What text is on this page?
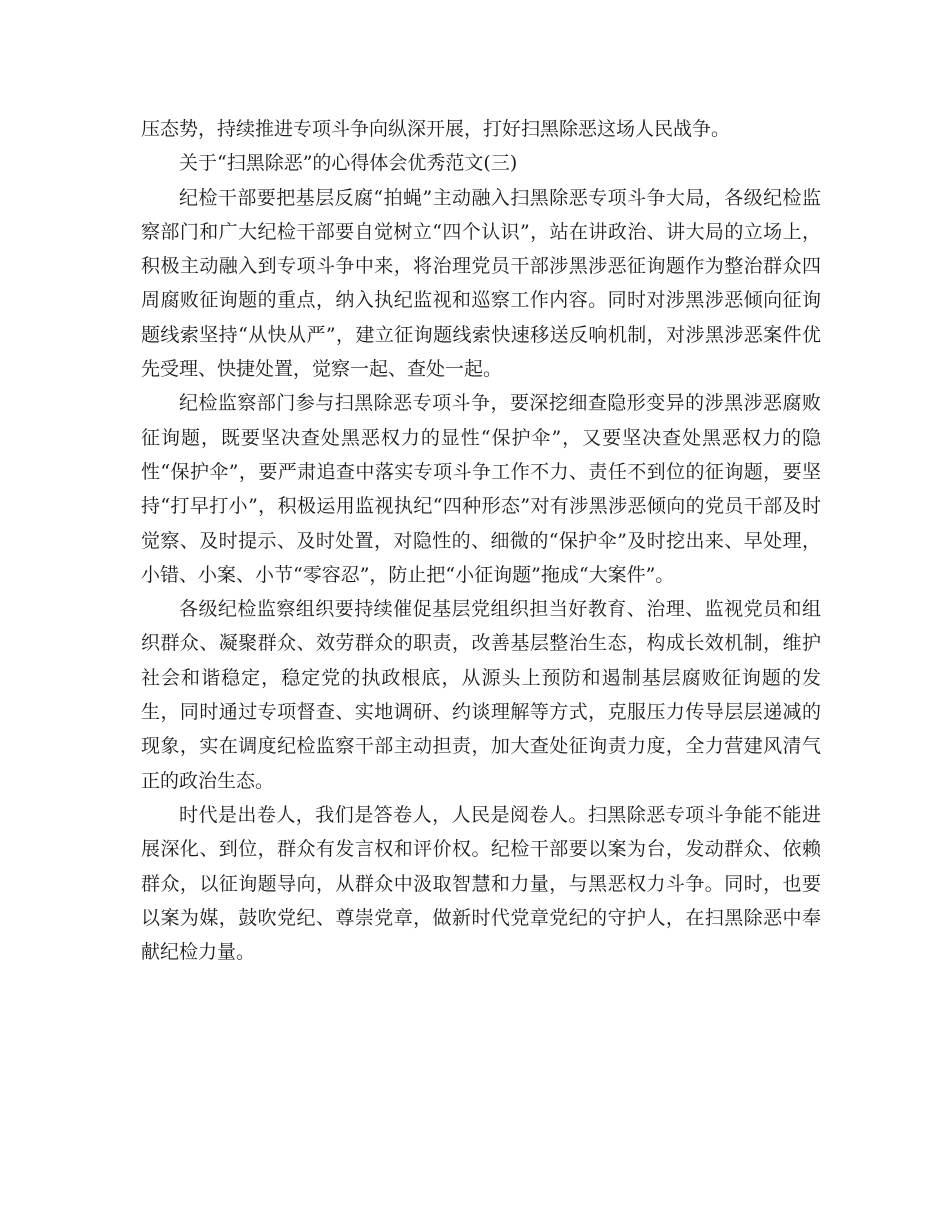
压态势，持续推进专项斗争向纵深开展，打好扫黑除恶这场人民战争。

关于“扫黑除恶”的心得体会优秀范文(三)

纪检干部要把基层反腐“拍蝇”主动融入扫黑除恶专项斗争大局，各级纪检监察部门和广大纪检干部要自觉树立“四个认识”，站在讲政治、讲大局的立场上，积极主动融入到专项斗争中来，将治理党员干部涉黑涉恶征询题作为整治群众四周腐败征询题的重点，纳入执纪监视和巡察工作内容。同时对涉黑涉恶倾向征询题线索坚持“从快从严”，建立征询题线索快速移送反响机制，对涉黑涉恶案件优先受理、快捷处置，觉察一起、查处一起。

纪检监察部门参与扫黑除恶专项斗争，要深挖细查隐形变异的涉黑涉恶腐败征询题，既要坚决查处黑恶权力的显性“保护伞”，又要坚决查处黑恶权力的隐性“保护伞”，要严肃追查中落实专项斗争工作不力、责任不到位的征询题，要坚持“打早打小”，积极运用监视执纪“四种形态”对有涉黑涉恶倾向的党员干部及时觉察、及时提示、及时处置，对隐性的、细微的“保护伞”及时挖出来、早处理，小错、小案、小节“零容忍”，防止把“小征询题”拖成“大案件”。

各级纪检监察组织要持续催促基层党组织担当好教育、治理、监视党员和组织群众、凝聚群众、效劳群众的职责，改善基层整治生态，构成长效机制，维护社会和谐稳定，稳定党的执政根底，从源头上预防和遏制基层腐败征询题的发生，同时通过专项督查、实地调研、约谈理解等方式，克服压力传导层层递减的现象，实在调度纪检监察干部主动担责，加大查处征询责力度，全力营建风清气正的政治生态。

时代是出卷人，我们是答卷人，人民是阅卷人。扫黑除恶专项斗争能不能进展深化、到位，群众有发言权和评价权。纪检干部要以案为台，发动群众、依赖群众，以征询题导向，从群众中汲取智慧和力量，与黑恶权力斗争。同时，也要以案为媒，鼓吹党纪、尊崇党章，做新时代党章党纪的守护人，在扫黑除恶中奉献纪检力量。
